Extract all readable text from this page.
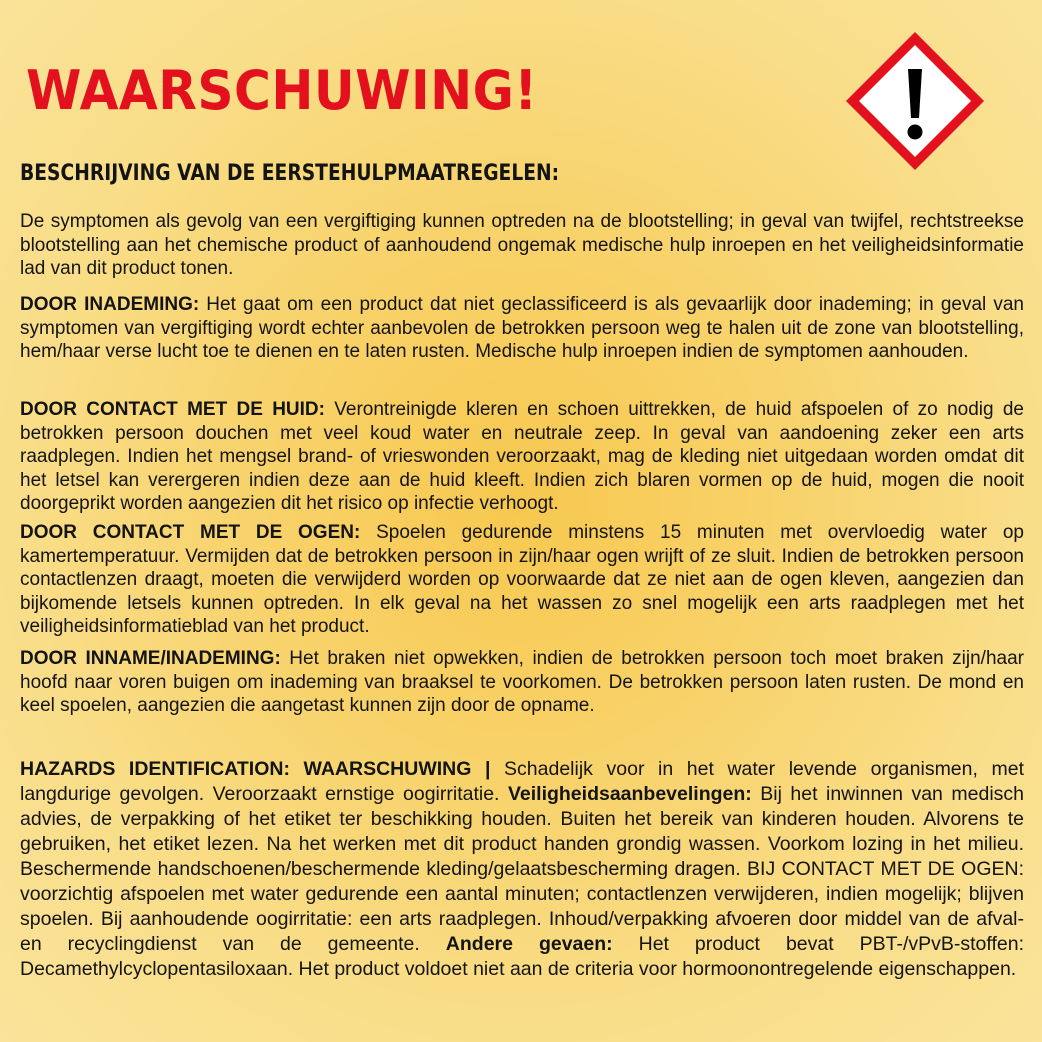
WAARSCHUWING!
BESCHRIJVING VAN DE EERSTEHULPMAATREGELEN:

De symptomen als gevolg van een vergiftiging kunnen optreden na de blootstelling; in geval van twijfel, rechtstreekse blootstelling aan het chemische product of aanhoudend ongemak medische hulp inroepen en het veiligheidsinformatie lad van dit product tonen.

DOOR INADEMING: Het gaat om een product dat niet geclassificeerd is als gevaarlijk door inademing; in geval van symptomen van vergiftiging wordt echter aanbevolen de betrokken persoon weg te halen uit de zone van blootstelling, hem/haar verse lucht toe te dienen en te laten rusten. Medische hulp inroepen indien de symptomen aanhouden.

DOOR CONTACT MET DE HUID: Verontreinigde kleren en schoen uittrekken, de huid afspoelen of zo nodig de betrokken persoon douchen met veel koud water en neutrale zeep. In geval van aandoening zeker een arts raadplegen. Indien het mengsel brand- of vrieswonden veroorzaakt, mag de kleding niet uitgedaan worden omdat dit het letsel kan verergeren indien deze aan de huid kleeft. Indien zich blaren vormen op de huid, mogen die nooit doorgeprikt worden aangezien dit het risico op infectie verhoogt.

DOOR CONTACT MET DE OGEN: Spoelen gedurende minstens 15 minuten met overvloedig water op kamertemperatuur. Vermijden dat de betrokken persoon in zijn/haar ogen wrijft of ze sluit. Indien de betrokken persoon contactlenzen draagt, moeten die verwijderd worden op voorwaarde dat ze niet aan de ogen kleven, aangezien dan bijkomende letsels kunnen optreden. In elk geval na het wassen zo snel mogelijk een arts raadplegen met het veiligheidsinformatieblad van het product.

DOOR INNAME/INADEMING: Het braken niet opwekken, indien de betrokken persoon toch moet braken zijn/haar hoofd naar voren buigen om inademing van braaksel te voorkomen. De betrokken persoon laten rusten. De mond en keel spoelen, aangezien die aangetast kunnen zijn door de opname.

HAZARDS IDENTIFICATION: WAARSCHUWING | Schadelijk voor in het water levende organismen, met langdurige gevolgen. Veroorzaakt ernstige oogirritatie. Veiligheidsaanbevelingen: Bij het inwinnen van medisch advies, de verpakking of het etiket ter beschikking houden. Buiten het bereik van kinderen houden. Alvorens te gebruiken, het etiket lezen. Na het werken met dit product handen grondig wassen. Voorkom lozing in het milieu. Beschermende handschoenen/beschermende kleding/gelaatsbescherming dragen. BIJ CONTACT MET DE OGEN: voorzichtig afspoelen met water gedurende een aantal minuten; contactlenzen verwijderen, indien mogelijk; blijven spoelen. Bij aanhoudende oogirritatie: een arts raadplegen. Inhoud/verpakking afvoeren door middel van de afval- en recyclingdienst van de gemeente. Andere gevaen: Het product bevat PBT-/vPvB-stoffen: Decamethylcyclopentasiloxaan. Het product voldoet niet aan de criteria voor hormoonontregelende eigenschappen.
